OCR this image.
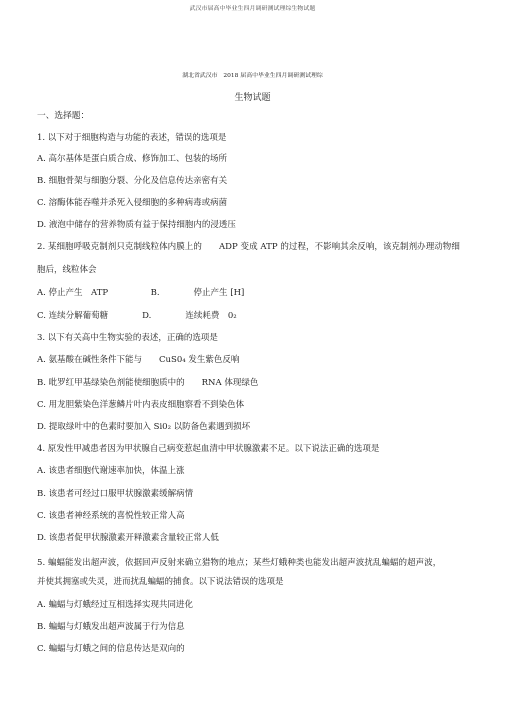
武汉市届高中毕业生四月调研测试理综生物试题
湖北省武汉市　2018 届高中毕业生四月调研测试理综
生物试题
一、选择题：
1. 以下对于细胞构造与功能的表述，错误的选项是
A. 高尔基体是蛋白质合成、修饰加工、包装的场所
B. 细胞骨架与细胞分裂、分化及信息传达亲密有关
C. 溶酶体能吞噬并杀死入侵细胞的多种病毒或病菌
D. 液泡中储存的营养物质有益于保持细胞内的浸透压
2. 某细胞呼吸克制剂只克制线粒体内膜上的　　ADP 变成 ATP 的过程，不影响其余反响，该克制剂办理动物细
胞后，线粒体会
A. 停止产生　ATP　　　　　B.　　　　停止产生 [H]
C. 连续分解葡萄糖　　　　D.　　　　连续耗费　0₂
3. 以下有关高中生物实验的表述，正确的选项是
A. 氨基酸在碱性条件下能与　　CuS0₄ 发生紫色反响
B. 吡罗红甲基绿染色剂能使细胞质中的　　RNA 体现绿色
C. 用龙胆紫染色洋葱鳞片叶内表皮细胞察看不到染色体
D. 提取绿叶中的色素时要加入 Si0₂ 以防备色素遇到损坏
4. 原发性甲减患者因为甲状腺自己病变惹起血清中甲状腺激素不足。以下说法正确的选项是
A. 该患者细胞代谢速率加快，体温上涨
B. 该患者可经过口服甲状腺激素缓解病情
C. 该患者神经系统的喜悦性较正常人高
D. 该患者促甲状腺激素开释激素含量较正常人低
5. 蝙蝠能发出超声波，依据回声反射来确立猎物的地点；某些灯蛾种类也能发出超声波扰乱蝙蝠的超声波，
并使其拥塞或失灵，进而扰乱蝙蝠的捕食。以下说法错误的选项是
A. 蝙蝠与灯蛾经过互相选择实现共同进化
B. 蝙蝠与灯蛾发出超声波属于行为信息
C. 蝙蝠与灯蛾之间的信息传达是双向的
